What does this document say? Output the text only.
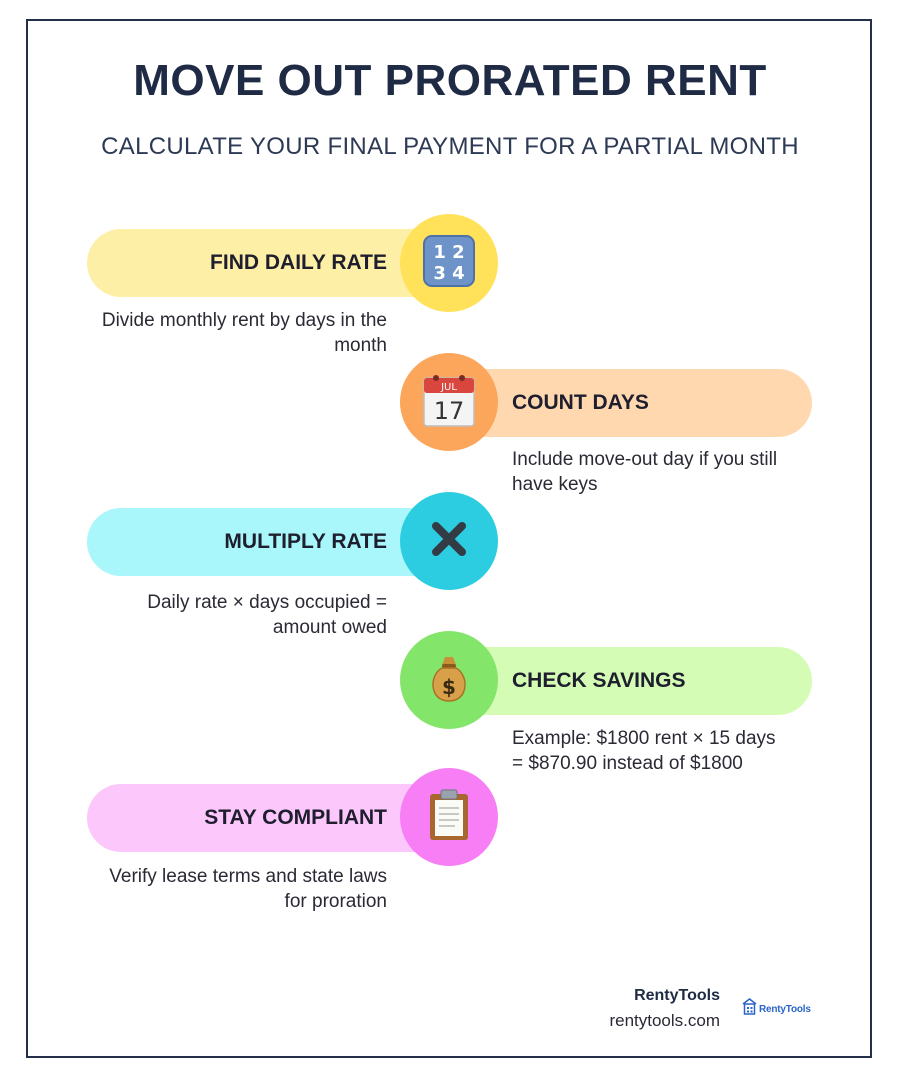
MOVE OUT PRORATED RENT
CALCULATE YOUR FINAL PAYMENT FOR A PARTIAL MONTH
FIND DAILY RATE	1 2
3 4
Divide monthly rent by days in the month
COUNT DAYS
JUL
17
Include move-out day if you still have keys
MULTIPLY RATE
Daily rate × days occupied = amount owed
CHECK SAVINGS
$
Example: $1800 rent × 15 days = $870.90 instead of $1800
STAY COMPLIANT
Verify lease terms and state laws for proration
RentyTools
rentytools.com
RentyTools
